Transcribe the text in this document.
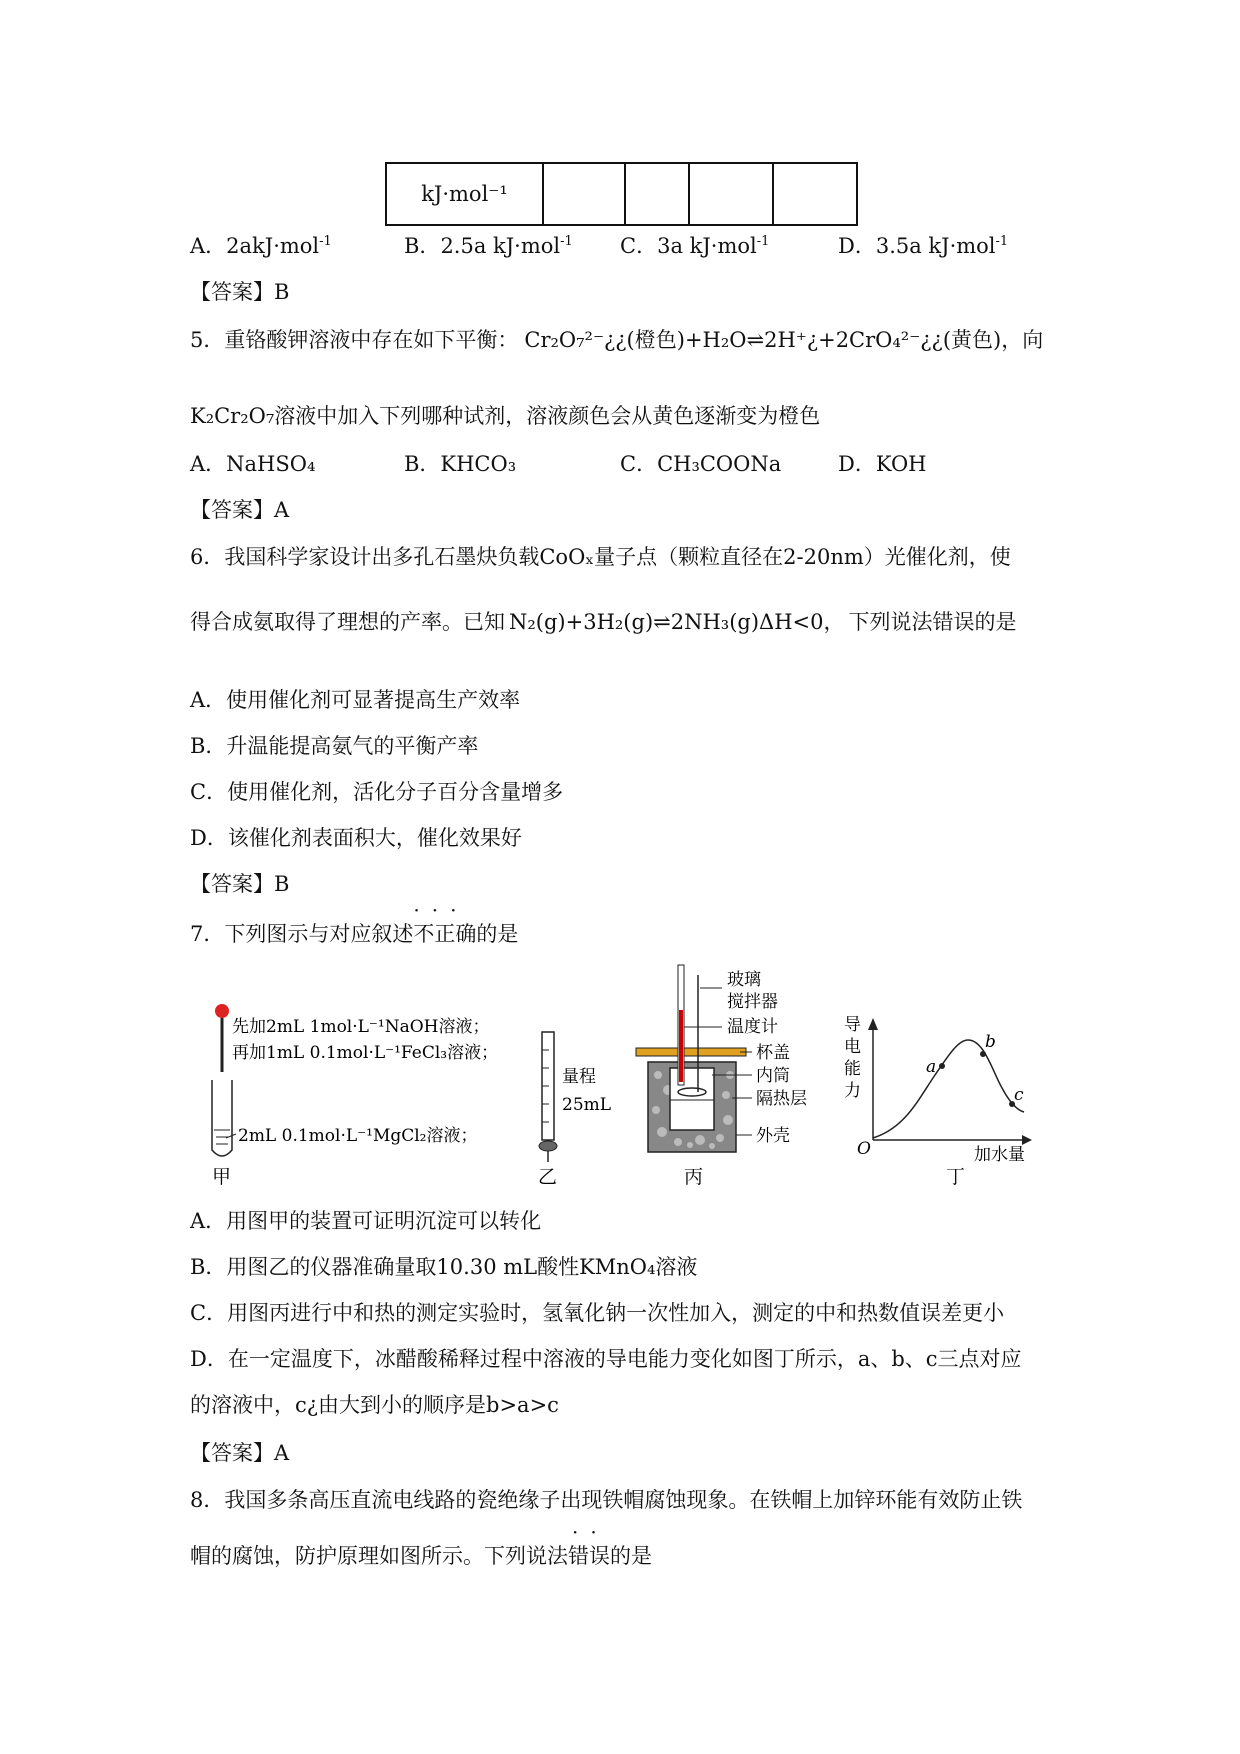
kJ·mol⁻¹				
A．2akJ·mol$^{-1}$	B．2.5a kJ·mol$^{-1}$ C．3a kJ·mol$^{-1}$	D．3.5a kJ·mol$^{-1}$
【答案】B
5．重铬酸钾溶液中存在如下平衡： Cr₂O₇²⁻¿¿(橙色)+H₂O⇌2H⁺¿+2CrO₄²⁻¿¿(黄色)，向
K₂Cr₂O₇溶液中加入下列哪种试剂，溶液颜色会从黄色逐渐变为橙色
A．NaHSO₄	B．KHCO₃	C．CH₃COONa	D．KOH
【答案】A
6．我国科学家设计出多孔石墨炔负载CoOₓ量子点（颗粒直径在2-20nm）光催化剂，使
得合成氨取得了理想的产率。已知 N₂(g)+3H₂(g)⇌2NH₃(g)ΔH<0， 下列说法错误的是
A．使用催化剂可显著提高生产效率
B．升温能提高氨气的平衡产率
C．使用催化剂，活化分子百分含量增多
D．该催化剂表面积大，催化效果好
【答案】B
7．下列图示与对应叙述
···
不正确的是
先加2mL 1mol·L⁻¹NaOH溶液；
再加1mL 0.1mol·L⁻¹FeCl₃溶液；
2mL 0.1mol·L⁻¹MgCl₂溶液；
甲
量程
25mL
乙
玻璃
搅拌器
温度计
杯盖
内筒
隔热层
外壳
丙
a
b
c
导
电
能
力
O	加水量
丁
A．用图甲的装置可证明沉淀可以转化
B．用图乙的仪器准确量取10.30 mL酸性KMnO₄溶液
C．用图丙进行中和热的测定实验时，氢氧化钠一次性加入，测定的中和热数值误差更小
D．在一定温度下，冰醋酸稀释过程中溶液的导电能力变化如图丁所示，a、b、c三点对应
的溶液中，c¿由大到小的顺序是b>a>c
【答案】A
8．我国多条高压直流电线路的瓷绝缘子出现铁帽腐蚀现象。在铁帽上加锌环能有效防止铁
帽的腐蚀，防护原理如图所示。下列说法
··
错误的是
